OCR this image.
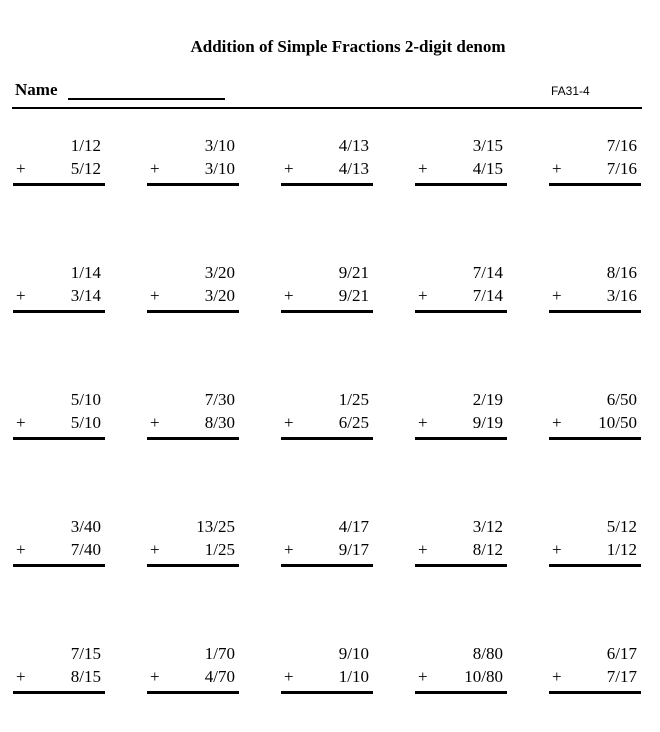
Addition of Simple Fractions 2-digit denom
Name	FA31-4
1/12
+	5/12
3/10
+	3/10
4/13
+	4/13
3/15
+	4/15
7/16
+	7/16
1/14
+	3/14
3/20
+	3/20
9/21
+	9/21
7/14
+	7/14
8/16
+	3/16
5/10
+	5/10
7/30
+	8/30
1/25
+	6/25
2/19
+	9/19
6/50
+ 10/50
3/40
+	7/40
13/25
+	1/25
4/17
+	9/17
3/12
+	8/12
5/12
+	1/12
7/15
+	8/15
1/70
+	4/70
9/10
+	1/10
8/80
+ 10/80
6/17
+	7/17
